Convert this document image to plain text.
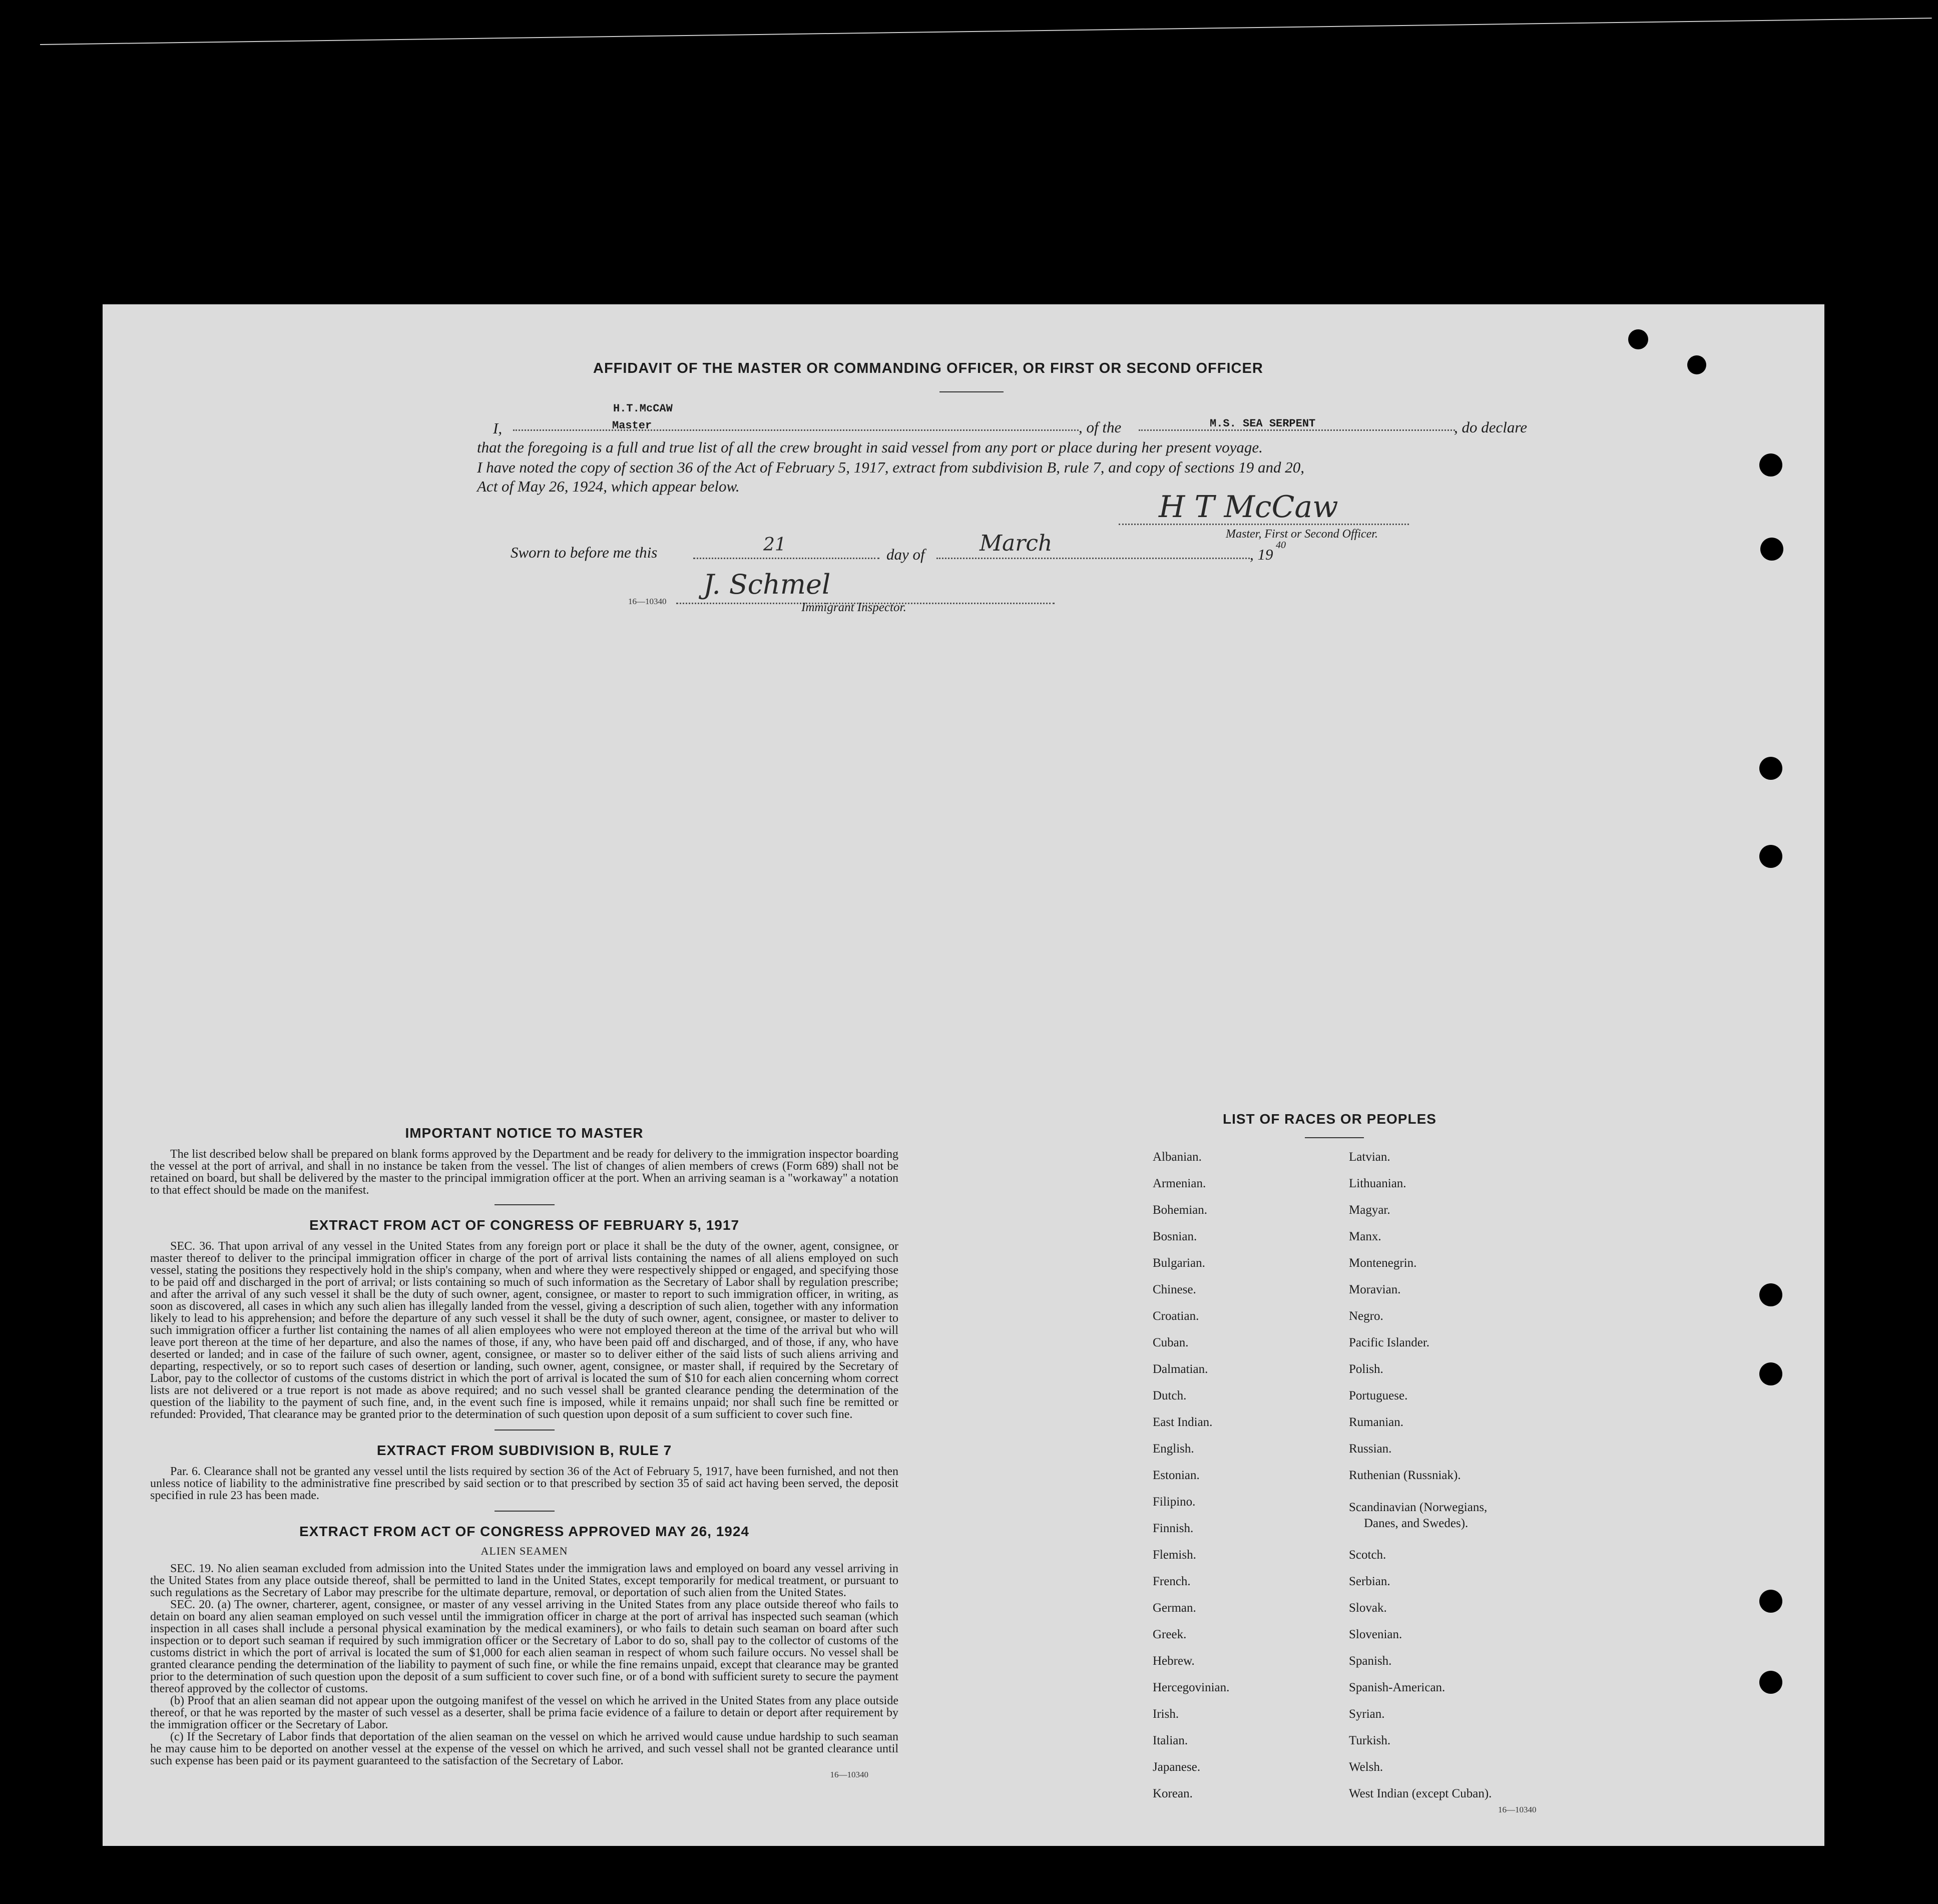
AFFIDAVIT OF THE MASTER OR COMMANDING OFFICER, OR FIRST OR SECOND OFFICER
I,
H.T.McCAW
Master	, of the	M.S. SEA SERPENT	, do declare
that the foregoing is a full and true list of all the crew brought in said vessel from any port or place during her present voyage.
I have noted the copy of section 36 of the Act of February 5, 1917, extract from subdivision B, rule 7, and copy of sections 19 and 20,
Act of May 26, 1924, which appear below.
H T McCaw
Master, First or Second Officer.
Sworn to before me this	21	day of March	, 19
40
J. Schmel
16—10340	Immigrant Inspector.
IMPORTANT NOTICE TO MASTER

The list described below shall be prepared on blank forms approved by the Department and be ready for delivery to the immigration inspector boarding the vessel at the port of arrival, and shall in no instance be taken from the vessel. The list of changes of alien members of crews (Form 689) shall not be retained on board, but shall be delivered by the master to the principal immigration officer at the port. When an arriving seaman is a "workaway" a notation to that effect should be made on the manifest.

EXTRACT FROM ACT OF CONGRESS OF FEBRUARY 5, 1917

SEC. 36. That upon arrival of any vessel in the United States from any foreign port or place it shall be the duty of the owner, agent, consignee, or master thereof to deliver to the principal immigration officer in charge of the port of arrival lists containing the names of all aliens employed on such vessel, stating the positions they respectively hold in the ship's company, when and where they were respectively shipped or engaged, and specifying those to be paid off and discharged in the port of arrival; or lists containing so much of such information as the Secretary of Labor shall by regulation prescribe; and after the arrival of any such vessel it shall be the duty of such owner, agent, consignee, or master to report to such immigration officer, in writing, as soon as discovered, all cases in which any such alien has illegally landed from the vessel, giving a description of such alien, together with any information likely to lead to his apprehension; and before the departure of any such vessel it shall be the duty of such owner, agent, consignee, or master to deliver to such immigration officer a further list containing the names of all alien employees who were not employed thereon at the time of the arrival but who will leave port thereon at the time of her departure, and also the names of those, if any, who have been paid off and discharged, and of those, if any, who have deserted or landed; and in case of the failure of such owner, agent, consignee, or master so to deliver either of the said lists of such aliens arriving and departing, respectively, or so to report such cases of desertion or landing, such owner, agent, consignee, or master shall, if required by the Secretary of Labor, pay to the collector of customs of the customs district in which the port of arrival is located the sum of $10 for each alien concerning whom correct lists are not delivered or a true report is not made as above required; and no such vessel shall be granted clearance pending the determination of the question of the liability to the payment of such fine, and, in the event such fine is imposed, while it remains unpaid; nor shall such fine be remitted or refunded: Provided, That clearance may be granted prior to the determination of such question upon deposit of a sum sufficient to cover such fine.

EXTRACT FROM SUBDIVISION B, RULE 7

Par. 6. Clearance shall not be granted any vessel until the lists required by section 36 of the Act of February 5, 1917, have been furnished, and not then unless notice of liability to the administrative fine prescribed by said section or to that prescribed by section 35 of said act having been served, the deposit specified in rule 23 has been made.

EXTRACT FROM ACT OF CONGRESS APPROVED MAY 26, 1924
ALIEN SEAMEN

SEC. 19. No alien seaman excluded from admission into the United States under the immigration laws and employed on board any vessel arriving in the United States from any place outside thereof, shall be permitted to land in the United States, except temporarily for medical treatment, or pursuant to such regulations as the Secretary of Labor may prescribe for the ultimate departure, removal, or deportation of such alien from the United States.

SEC. 20. (a) The owner, charterer, agent, consignee, or master of any vessel arriving in the United States from any place outside thereof who fails to detain on board any alien seaman employed on such vessel until the immigration officer in charge at the port of arrival has inspected such seaman (which inspection in all cases shall include a personal physical examination by the medical examiners), or who fails to detain such seaman on board after such inspection or to deport such seaman if required by such immigration officer or the Secretary of Labor to do so, shall pay to the collector of customs of the customs district in which the port of arrival is located the sum of $1,000 for each alien seaman in respect of whom such failure occurs. No vessel shall be granted clearance pending the determination of the liability to payment of such fine, or while the fine remains unpaid, except that clearance may be granted prior to the determination of such question upon the deposit of a sum sufficient to cover such fine, or of a bond with sufficient surety to secure the payment thereof approved by the collector of customs.

(b) Proof that an alien seaman did not appear upon the outgoing manifest of the vessel on which he arrived in the United States from any place outside thereof, or that he was reported by the master of such vessel as a deserter, shall be prima facie evidence of a failure to detain or deport after requirement by the immigration officer or the Secretary of Labor.

(c) If the Secretary of Labor finds that deportation of the alien seaman on the vessel on which he arrived would cause undue hardship to such seaman he may cause him to be deported on another vessel at the expense of the vessel on which he arrived, and such vessel shall not be granted clearance until such expense has been paid or its payment guaranteed to the satisfaction of the Secretary of Labor.

16—10340
LIST OF RACES OR PEOPLES
Albanian.
Armenian.
Bohemian.
Bosnian.
Bulgarian.
Chinese.
Croatian.
Cuban.
Dalmatian.
Dutch.
East Indian.
English.
Estonian.
Filipino.
Finnish.
Flemish.
French.
German.
Greek.
Hebrew.
Hercegovinian.
Irish.
Italian.
Japanese.
Korean.
Latvian.
Lithuanian.
Magyar.
Manx.
Montenegrin.
Moravian.
Negro.
Pacific Islander.
Polish.
Portuguese.
Rumanian.
Russian.
Ruthenian (Russniak).
Scandinavian (Norwegians,
Danes, and Swedes).
Scotch.
Serbian.
Slovak.
Slovenian.
Spanish.
Spanish-American.
Syrian.
Turkish.
Welsh.
West Indian (except Cuban).
16—10340
